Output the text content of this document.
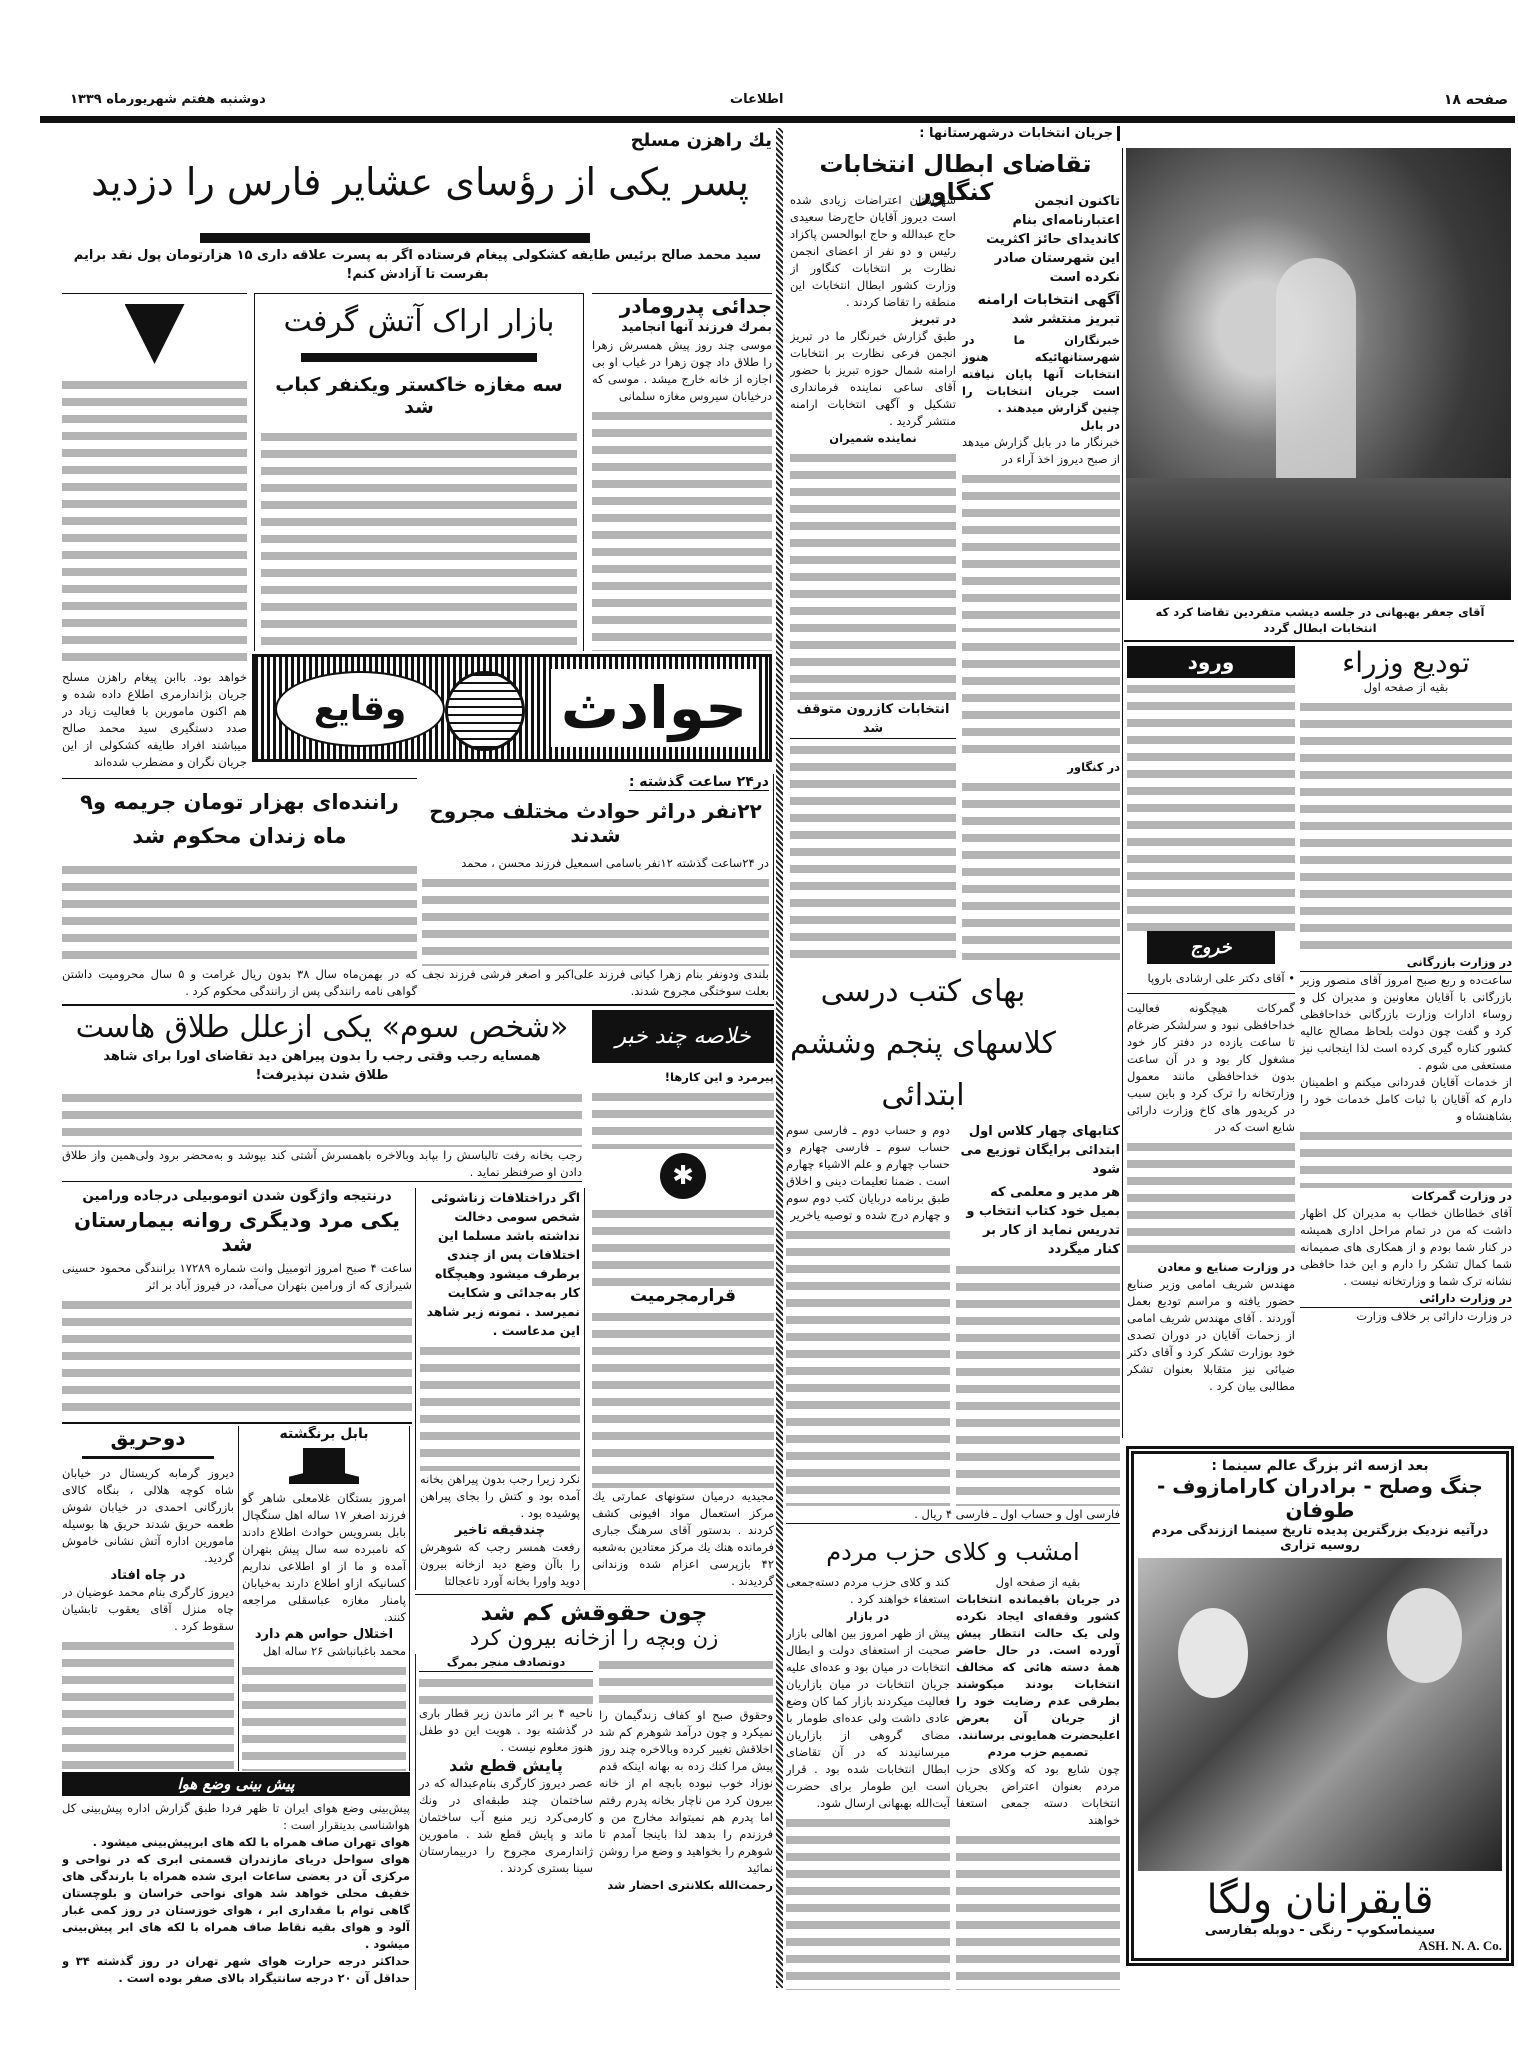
صفحه ۱۸
اطلاعات
دوشنبه هفتم شهریورماه ۱۳۳۹
جریان انتخابات درشهرستانها :
تقاضای ابطال انتخابات کنگاور	تاکنون انجمن اعتبارنامه‌ای بنام کاندیدای حائز اکثریت این شهرستان صادر نکرده است
آگهی انتخابات ارامنه تبریز منتشر شد
خبرنگاران ما در شهرستانهائیکه هنوز انتخابات آنها پایان نیافته است جریان انتخابات را چنین گزارش میدهند .
در بابل
خبرنگار ما در بابل گزارش میدهد از صبح دیروز اخذ آراء در
شهرستان اعتراضات زیادی شده است دیروز آقایان حاج‌رضا سعیدی حاج عبدالله و حاج ابوالحسن پاکزاد رئیس و دو نفر از اعضای انجمن نظارت بر انتخابات کنگاور از وزارت کشور ابطال انتخابات این منطقه را تقاضا کردند .
در تبریز
طبق گزارش خبرنگار ما در تبریز انجمن فرعی نظارت بر انتخابات ارامنه شمال حوزه تبریز با حضور آقای ساعی نماینده فرمانداری تشکیل و آگهی انتخابات ارامنه منتشر گردید .
نماینده شمیران
انتخابات کازرون متوقف شد
در کنگاور
آقای جعفر بهبهانی در جلسه دیشب متفردین تقاضا کرد که انتخابات ابطال گردد
تودیع وزراء
بقیه از صفحه اول
در وزارت بازرگانی
ساعت‌ده و ربع صبح امروز آقای منصور وزیر بازرگانی با آقایان معاونین و مدیران کل و روساء ادارات وزارت بازرگانی خداحافظی کرد و گفت چون دولت بلحاظ مصالح عالیه کشور کناره گیری کرده است لذا اینجانب نیز مستعفی می شوم .
از خدمات آقایان قدردانی میکنم و اطمینان دارم که آقایان با ثبات کامل خدمات خود را بشاهنشاه و
در وزارت گمرکات
آقای خطاطان خطاب به مدیران کل اظهار داشت که من در تمام مراحل اداری همیشه در کنار شما بودم و از همکاری های صمیمانه شما کمال تشکر را دارم و این خدا حافظی نشانه ترک شما و وزارتخانه نیست .
در وزارت دارائی
در وزارت دارائی بر خلاف وزارت
ورود
خروج
• آقای دکتر علی ارشادی باروپا
گمرکات هیچگونه فعالیت خداحافظی نبود و سرلشکر ضرغام تا ساعت یازده در دفتر کار خود مشغول کار بود و در آن ساعت بدون خداحافظی مانند معمول وزارتخانه را ترک کرد و باین سبب در کریدور های کاخ وزارت دارائی شایع است که در
در وزارت صنایع و معادن
مهندس شریف امامی وزیر صنایع حضور یافته و مراسم تودیع بعمل آوردند . آقای مهندس شریف امامی از زحمات آقایان در دوران تصدی خود بوزارت تشکر کرد و آقای دکتر ضیائی نیز متقابلا بعنوان تشکر مطالبی بیان کرد .
بهای کتب درسی کلاسهای پنجم وششم ابتدائی
کتابهای چهار کلاس اول ابتدائی برایگان توزیع می شود
هر مدیر و معلمی که بمیل خود کتاب انتخاب و تدریس نماید از کار بر کنار میگردد
دوم و حساب دوم ـ فارسی سوم حساب سوم ـ فارسی چهارم و حساب چهارم و علم الاشیاء چهارم است . ضمنا تعلیمات دینی و اخلاق طبق برنامه دربایان کتب دوم سوم و چهارم درج شده و توصیه یاخریر
فارسی اول و حساب اول ـ فارسی ۴ ریال .
امشب و کلای حزب مردم
بقیه از صفحه اول
در جریان باقیمانده انتخابات کشور وقفه‌ای ایجاد نکرده ولی یک حالت انتظار پیش آورده است. در حال حاضر همهٔ دسته هائی که مخالف انتخابات بودند میکوشند بطرقی عدم رضایت خود را از جریان آن بعرض اعلیحضرت همایونی برسانند.
تصمیم حزب مردم
چون شایع بود که وکلای حزب مردم بعنوان اعتراض بجریان انتخابات دسته جمعی استعفا خواهند
کند و کلای حزب مردم دسته‌جمعی استعفاء خواهند کرد .
در بازار
پیش از ظهر امروز بین اهالی بازار صحبت از استعفای دولت و ابطال انتخابات در میان بود و عده‌ای علیه جریان انتخابات در میان بازاریان فعالیت میکردند بازار کما کان وضع عادی داشت ولی عده‌ای طومار با مضای گروهی از بازاریان میرسانیدند که در آن تقاضای ابطال انتخابات شده بود . قرار است این طومار برای حضرت آیت‌الله بهبهانی ارسال شود.
بعد ازسه اثر بزرگ عالم سینما :
جنگ وصلح - برادران کارامازوف -
طوفان
درآتیه نزدیک بزرگترین پدیده تاریخ سینما اززندگی مردم روسیه تزاری
قایقرانان ولگا
سینماسکوپ - رنگی - دوبله بفارسی
ASH. N. A. Co.
یك راهزن مسلح
پسر یکی از رؤسای عشایر فارس را دزدید
سید محمد صالح برئیس طایفه کشکولی پیغام فرستاده اگر به پسرت علاقه داری ۱۵ هزارتومان پول نقد برایم بفرست تا آزادش کنم!
خواهد بود. باابن پیغام راهزن مسلح جریان بژاندارمری اطلاع داده شده و هم اکنون ماموربن با فعالیت زیاد در صدد دستگیری سید محمد صالح میباشند افراد طایفه کشکولی از این جریان نگران و مضطرب شده‌اند
بازار اراک آتش گرفت
سه مغازه خاکستر ویکنفر کباب شد
جدائی پدرومادر
بمرك فرزند آنها انجامید
موسی چند روز پیش همسرش زهرا را طلاق داد چون زهرا در غیاب او بی اجازه از خانه خارج میشد . موسی که درخیابان سیروس مغازه سلمانی
حوادث
وقایع
راننده‌ای بهزار تومان جریمه و۹ ماه زندان محکوم شد
که در بهمن‌ماه سال ۳۸ بدون ریال غرامت و ۵ سال محرومیت داشتن گواهی نامه رانندگی پس از رانندگی محکوم کرد .
در۲۴ ساعت گذشته :
۲۲نفر دراثر حوادث مختلف مجروح شدند
در ۲۴ساعت گذشته ۱۲نفر باسامی اسمعیل فرزند محسن ، محمد
بلندی ودونفر بنام زهرا کیانی فرزند علی‌اکبر و اصغر فرشی فرزند نجف بعلت سوختگی مجروح شدند.
«شخص سوم» یکی ازعلل طلاق هاست
همسایه رجب وقتی رجب را بدون پیراهن دید تقاضای اورا برای شاهد طلاق شدن نپذیرفت!
رجب بخانه رفت تالباسش را بپابد وبالاخره باهمسرش آشتی کند بپوشد و به‌محضر برود ولی‌همین واز طلاق دادن او صرفنظر نماید .
اگر دراختلافات زناشوئی شخص سومی دخالت نداشته باشد مسلما این اختلافات پس از چندی برطرف میشود وهیچگاه کار به‌جدائی و شکایت نمیرسد . نمونه زیر شاهد این مدعاست .
نکرد زیرا رجب بدون پیراهن بخانه آمده بود و کتش را بجای پیراهن پوشیده بود .
چندقیقه تاخیر
رفعت همسر رجب که شوهرش را باآن وضع دید ازخانه بیرون دوید واورا بخانه آورد تاعجالتا
خلاصه چند خبر
پیرمرد و این کارها!
✱
قرارمجرمیت
مجیدیه درمیان ستونهای عمارتی یك مرکز استعمال مواد افیونی کشف کردند . بدستور آقای سرهنگ جباری فرمانده هنك یك مرکز معتادین به‌شعبه ۴۲ بازپرسی اعزام شده وزندانی گردیدند .
درنتیجه واژگون شدن اتوموبیلی درجاده ورامین
یکی مرد ودیگری روانه بیمارستان شد
ساعت ۴ صبح امروز اتومبیل وانت شماره ۱۷۲۸۹ برانندگی محمود حسینی شیرازی که از ورامین بتهران می‌آمد، در فیروز آباد بر اثر
دوحریق
دیروز گرمابه کریستال در خیابان شاه کوچه هلالی ، بنگاه کالای بازرگانی احمدی در خیابان شوش طعمه حریق شدند حریق ها بوسیله مامورین اداره آتش نشانی خاموش گردید.
در چاه افتاد
دیروز کارگری بنام محمد عوضیان در چاه منزل آقای یعقوب تابشیان سقوط کرد .
بابل برنگشته
امروز بستگان غلامعلی شاهر گو فرزند اصغر ۱۷ ساله اهل سنگچال بابل بسرویس حوادث اطلاع دادند که نامبرده سه سال پیش بتهران آمده و ما از او اطلاعی نداریم کسانیکه ازاو اطلاع دارند به‌خیابان پامنار مغازه عباسقلی مراجعه کنند.
اختلال حواس هم دارد
محمد باغبانباشی ۲۶ ساله اهل
چون حقوقش کم شد
زن وبچه را ازخانه بیرون کرد
وحقوق صبح او کفاف زندگیمان را نمیکرد و چون درآمد شوهرم کم شد اخلاقش تغییر کرده وبالاخره چند روز پیش مرا کتك زده به بهانه اینکه قدم نوزاد خوب نبوده بابچه ام از خانه بیرون کرد من ناچار بخانه پدرم رفتم اما پدرم هم نمیتواند مخارج من و فرزندم را بدهد لذا باینجا آمدم تا شوهرم را بخواهید و وضع مرا روشن نمائید
رحمت‌الله بکلانتری احضار شد
دوتصادف منجر بمرگ
ناحیه ۴ بر اثر ماندن زیر قطار باری در گذشته بود . هویت این دو طفل هنوز معلوم نیست .
پایش قطع شد
عصر دیروز کارگری بنام‌عبداله که در ساختمان چند طبقه‌ای در ونك کارمی‌کرد زیر منبع آب ساختمان ماند و پایش قطع شد . مامورین ژاندارمری مجروح را دربیمارستان سینا بستری کردند .
پیش بینی وضع هوا
پیش‌بینی وضع هوای ایران تا ظهر فردا طبق گزارش اداره پیش‌بینی کل هواشناسی بدینقرار است :
هوای تهران صاف همراه با لکه های ابرپیش‌بینی میشود .
هوای سواحل دریای مازندران قسمتی ابری که در نواحی و مرکزی آن در بعضی ساعات ابری شده همراه با بارندگی های خفیف محلی خواهد شد هوای نواحی خراسان و بلوچستان گاهی توام با مقداری ابر ، هوای خوزستان در روز کمی غبار آلود و هوای بقیه نقاط صاف همراه با لکه های ابر پیش‌بینی میشود .
حداکثر درجه حرارت هوای شهر تهران در روز گذشته ۳۴ و حداقل آن ۲۰ درجه سانتیگراد بالای صفر بوده است .
